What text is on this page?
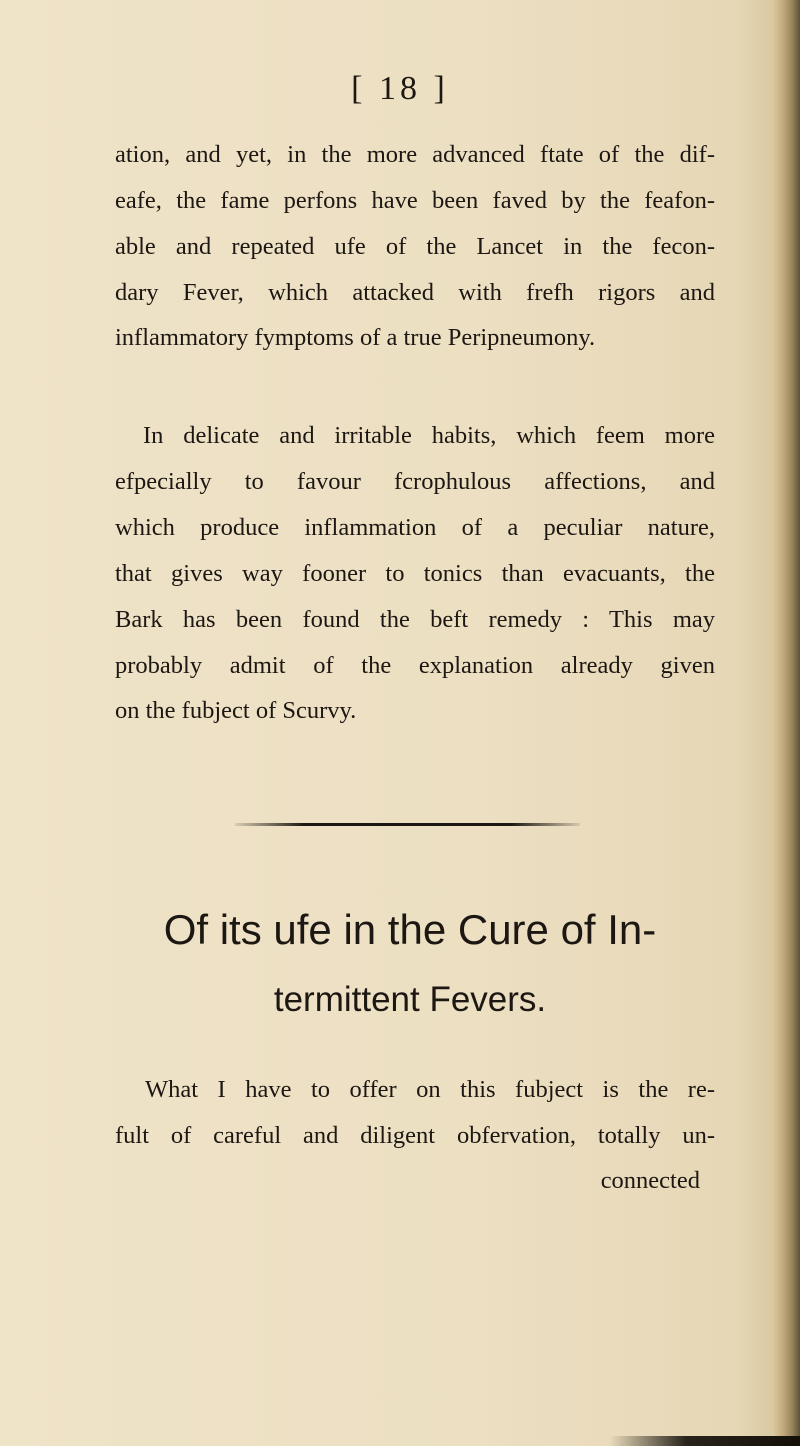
[ 18 ]
ation, and yet, in the more advanced ftate of the dif-
eafe, the fame perfons have been faved by the feafon-
able and repeated ufe of the Lancet in the fecon-
dary Fever, which attacked with frefh rigors and
inflammatory fymptoms of a true Peripneumony.
In delicate and irritable habits, which feem more
efpecially to favour fcrophulous affections, and
which produce inflammation of a peculiar nature,
that gives way fooner to tonics than evacuants, the
Bark has been found the beft remedy : This may
probably admit of the explanation already given
on the fubject of Scurvy.
Of its ufe in the Cure of In-
termittent Fevers.
What I have to offer on this fubject is the re-
fult of careful and diligent obfervation, totally un-
connected
